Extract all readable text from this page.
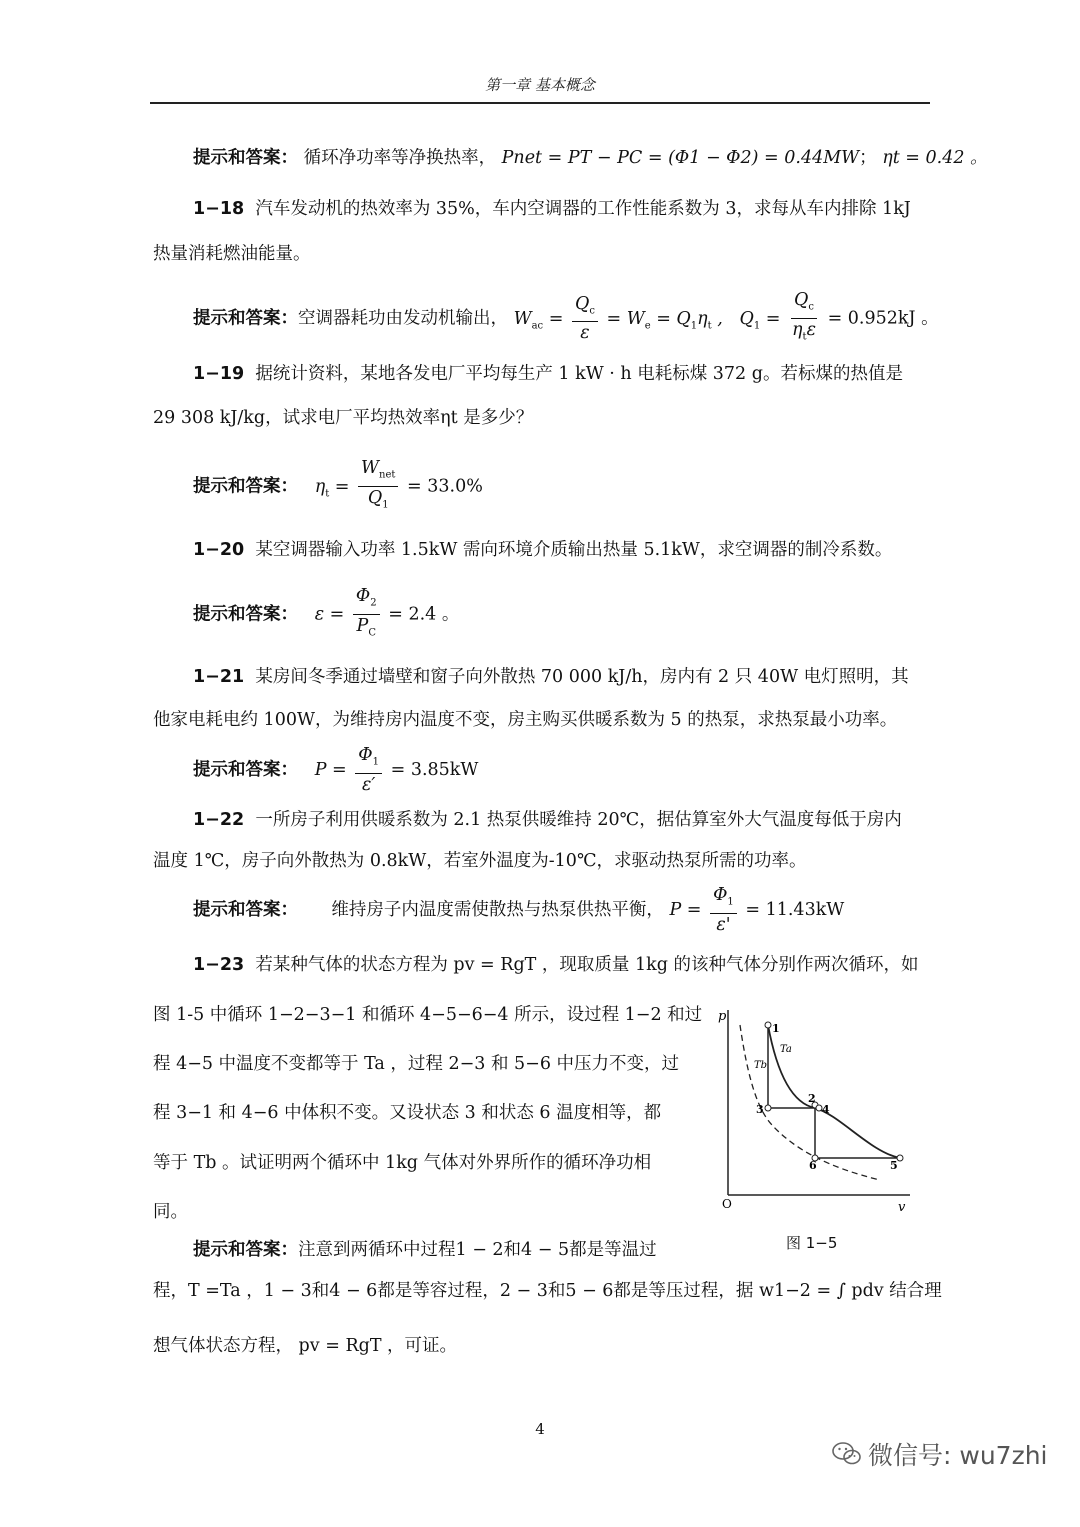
第一章 基本概念
提示和答案： 循环净功率等净换热率， Pnet = PT − PC = (Φ1 − Φ2) = 0.44MW； ηt = 0.42 。
1−18 汽车发动机的热效率为 35%，车内空调器的工作性能系数为 3，求每从车内排除 1kJ
热量消耗燃油能量。
提示和答案：空调器耗功由发动机输出， $W_{ac} = \frac{Q_c}{\varepsilon} = W_e = Q_1\eta_t$ ,   $Q_1 = \frac{Q_c}{\eta_t\varepsilon} = 0.952kJ$ 。
1−19 据统计资料，某地各发电厂平均每生产 1 kW · h 电耗标煤 372 g。若标煤的热值是
29 308 kJ/kg，试求电厂平均热效率ηt 是多少？
提示和答案： $\eta_t = \frac{W_{net}}{Q_1} = 33.0\%$
1−20 某空调器输入功率 1.5kW 需向环境介质输出热量 5.1kW，求空调器的制冷系数。
提示和答案： $\varepsilon = \frac{\Phi_2}{P_C} = 2.4$ 。
1−21 某房间冬季通过墙壁和窗子向外散热 70 000 kJ/h，房内有 2 只 40W 电灯照明，其
他家电耗电约 100W，为维持房内温度不变，房主购买供暖系数为 5 的热泵，求热泵最小功率。
提示和答案： $P = \frac{\Phi_1}{\varepsilon'} = 3.85kW$
1−22 一所房子利用供暖系数为 2.1 热泵供暖维持 20℃，据估算室外大气温度每低于房内
温度 1℃，房子向外散热为 0.8kW，若室外温度为-10℃，求驱动热泵所需的功率。
提示和答案： 维持房子内温度需使散热与热泵供热平衡， $P = \frac{\Phi_1}{\varepsilon'} = 11.43kW$
1−23 若某种气体的状态方程为 pv = RgT ，现取质量 1kg 的该种气体分别作两次循环，如
图 1-5 中循环 1−2−3−1 和循环 4−5−6−4 所示，设过程 1−2 和过
程 4−5 中温度不变都等于 Ta ，过程 2−3 和 5−6 中压力不变，过
程 3−1 和 4−6 中体积不变。又设状态 3 和状态 6 温度相等，都
等于 Tb 。试证明两个循环中 1kg 气体对外界所作的循环净功相
同。
p
v
O
1
2
3	4
5
6
Ta
Tb
图 1−5
提示和答案：注意到两循环中过程1 − 2和4 − 5都是等温过
程，T =Ta ，1 − 3和4 − 6都是等容过程，2 − 3和5 − 6都是等压过程，据 w1−2 = ∫ pdv 结合理
想气体状态方程， pv = RgT ，可证。
4
微信号: wu7zhi
